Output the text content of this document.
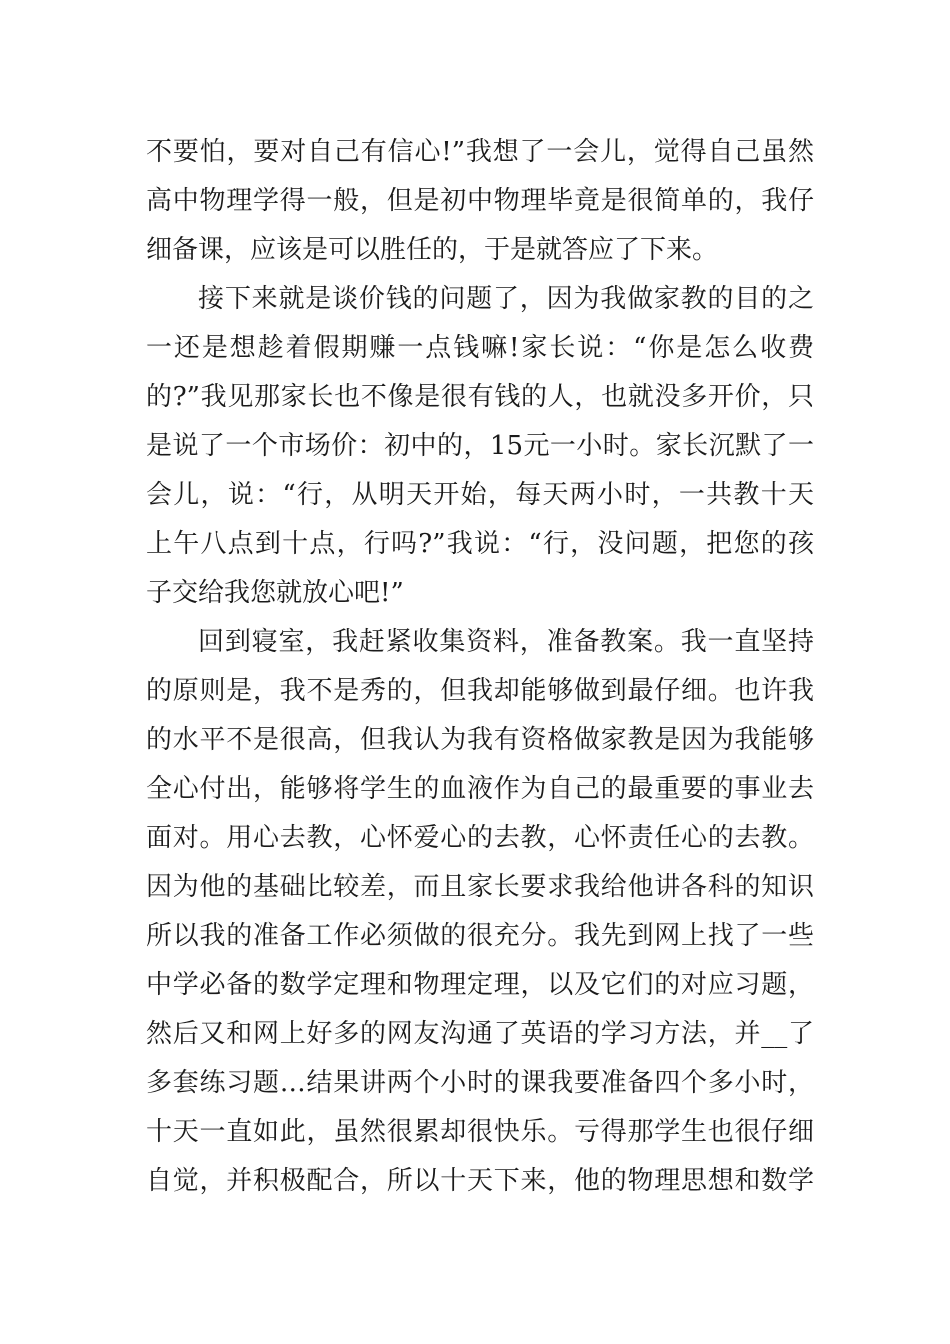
不要怕，要对自己有信心!”我想了一会儿，觉得自己虽然
高中物理学得一般，但是初中物理毕竟是很简单的，我仔
细备课，应该是可以胜任的，于是就答应了下来。
接下来就是谈价钱的问题了，因为我做家教的目的之
一还是想趁着假期赚一点钱嘛!家长说：“你是怎么收费
的?”我见那家长也不像是很有钱的人，也就没多开价，只
是说了一个市场价：初中的，15元一小时。家长沉默了一
会儿，说：“行，从明天开始，每天两小时，一共教十天
上午八点到十点，行吗?”我说：“行，没问题，把您的孩
子交给我您就放心吧!”
回到寝室，我赶紧收集资料，准备教案。我一直坚持
的原则是，我不是秀的，但我却能够做到最仔细。也许我
的水平不是很高，但我认为我有资格做家教是因为我能够
全心付出，能够将学生的血液作为自己的最重要的事业去
面对。用心去教，心怀爱心的去教，心怀责任心的去教。
因为他的基础比较差，而且家长要求我给他讲各科的知识
所以我的准备工作必须做的很充分。我先到网上找了一些
中学必备的数学定理和物理定理，以及它们的对应习题，
然后又和网上好多的网友沟通了英语的学习方法，并__了
多套练习题…结果讲两个小时的课我要准备四个多小时，
十天一直如此，虽然很累却很快乐。亏得那学生也很仔细
自觉，并积极配合，所以十天下来，他的物理思想和数学
